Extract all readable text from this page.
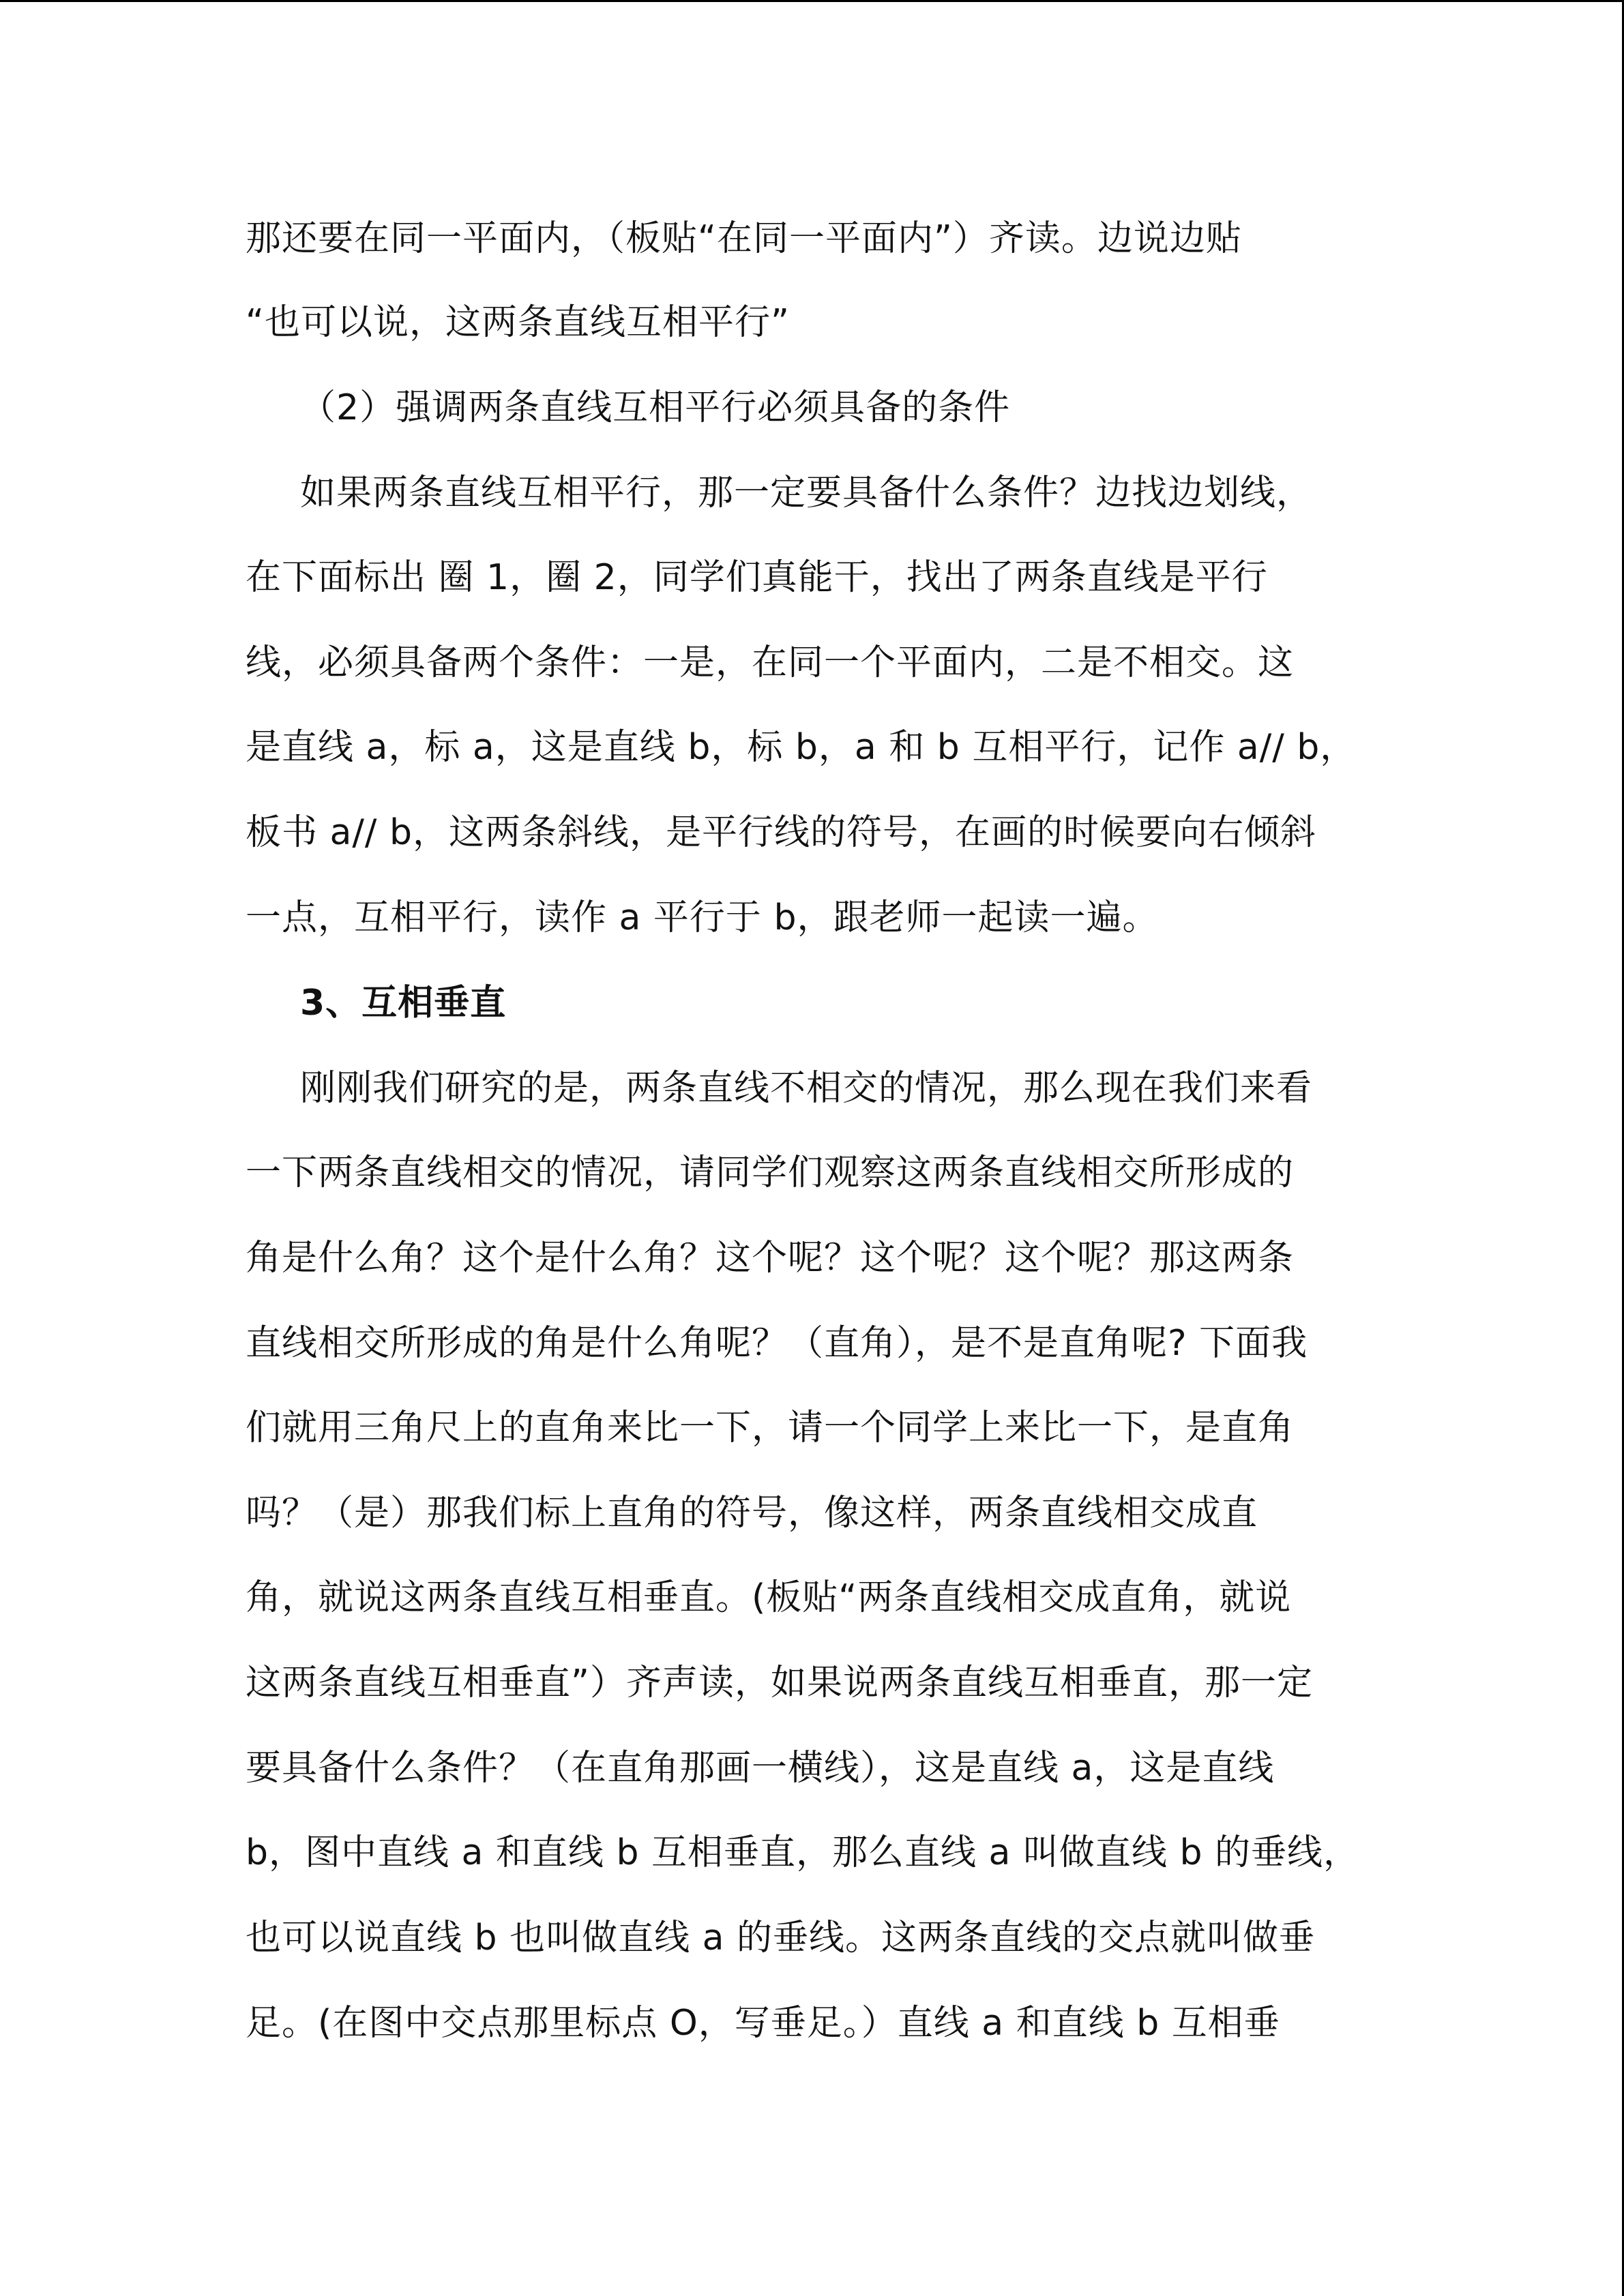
那还要在同一平面内，（板贴“在同一平面内”）齐读。边说边贴
“也可以说，这两条直线互相平行”
（2）强调两条直线互相平行必须具备的条件
如果两条直线互相平行，那一定要具备什么条件？边找边划线，
在下面标出 圈 1，圈 2，同学们真能干，找出了两条直线是平行
线，必须具备两个条件：一是，在同一个平面内，二是不相交。这
是直线 a，标 a，这是直线 b，标 b，a 和 b 互相平行，记作 a// b，
板书 a// b，这两条斜线，是平行线的符号，在画的时候要向右倾斜
一点，互相平行，读作 a 平行于 b，跟老师一起读一遍。
3、互相垂直
刚刚我们研究的是，两条直线不相交的情况，那么现在我们来看
一下两条直线相交的情况，请同学们观察这两条直线相交所形成的
角是什么角？这个是什么角？这个呢？这个呢？这个呢？那这两条
直线相交所形成的角是什么角呢？（直角），是不是直角呢? 下面我
们就用三角尺上的直角来比一下，请一个同学上来比一下，是直角
吗？（是）那我们标上直角的符号，像这样，两条直线相交成直
角，就说这两条直线互相垂直。(板贴“两条直线相交成直角，就说
这两条直线互相垂直”）齐声读，如果说两条直线互相垂直，那一定
要具备什么条件？（在直角那画一横线），这是直线 a，这是直线
b，图中直线 a 和直线 b 互相垂直，那么直线 a 叫做直线 b 的垂线，
也可以说直线 b 也叫做直线 a 的垂线。这两条直线的交点就叫做垂
足。(在图中交点那里标点 O，写垂足。）直线 a 和直线 b 互相垂
